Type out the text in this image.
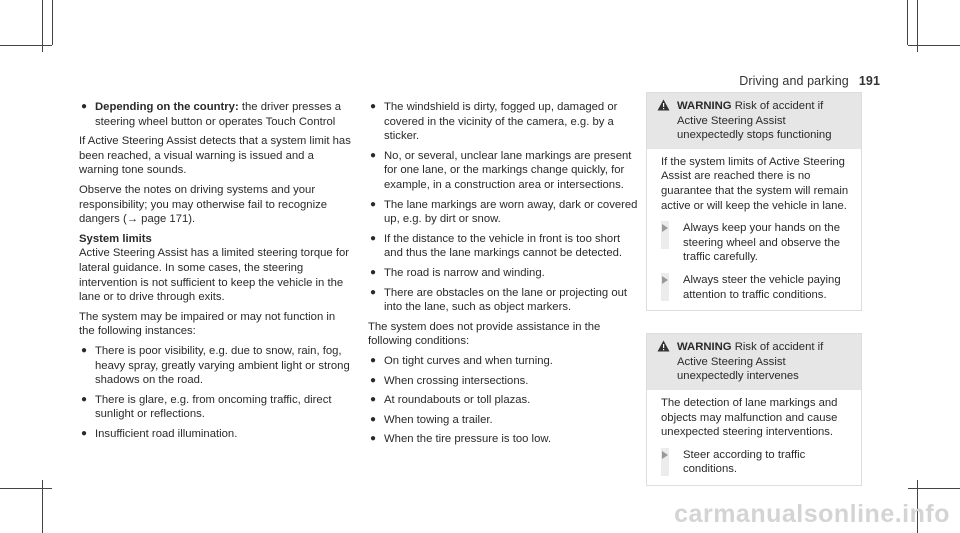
Driving and parking 191
● Depending on the country: the driver presses a steering wheel button or operates Touch Control

If Active Steering Assist detects that a system limit has been reached, a visual warning is issued and a warning tone sounds.

Observe the notes on driving systems and your responsibility; you may otherwise fail to recognize dangers (→ page 171).

System limits

Active Steering Assist has a limited steering torque for lateral guidance. In some cases, the steering intervention is not sufficient to keep the vehicle in the lane or to drive through exits.

The system may be impaired or may not function in the following instances:

● There is poor visibility, e.g. due to snow, rain, fog, heavy spray, greatly varying ambient light or strong shadows on the road.
● There is glare, e.g. from oncoming traffic, direct sunlight or reflections.
● Insufficient road illumination.
● The windshield is dirty, fogged up, damaged or covered in the vicinity of the camera, e.g. by a sticker.
● No, or several, unclear lane markings are present for one lane, or the markings change quickly, for example, in a construction area or intersections.
● The lane markings are worn away, dark or covered up, e.g. by dirt or snow.
● If the distance to the vehicle in front is too short and thus the lane markings cannot be detected.
● The road is narrow and winding.
● There are obstacles on the lane or projecting out into the lane, such as object markers.

The system does not provide assistance in the following conditions:

● On tight curves and when turning.
● When crossing intersections.
● At roundabouts or toll plazas.
● When towing a trailer.
● When the tire pressure is too low.
WARNING Risk of accident if Active Steering Assist unexpectedly stops functioning

If the system limits of Active Steering Assist are reached there is no guarantee that the system will remain active or will keep the vehicle in lane.

Always keep your hands on the steering wheel and observe the traffic carefully.
Always steer the vehicle paying attention to traffic conditions.
WARNING Risk of accident if Active Steering Assist unexpectedly intervenes

The detection of lane markings and objects may malfunction and cause unexpected steering interventions.

Steer according to traffic conditions.
carmanualsonline.info
